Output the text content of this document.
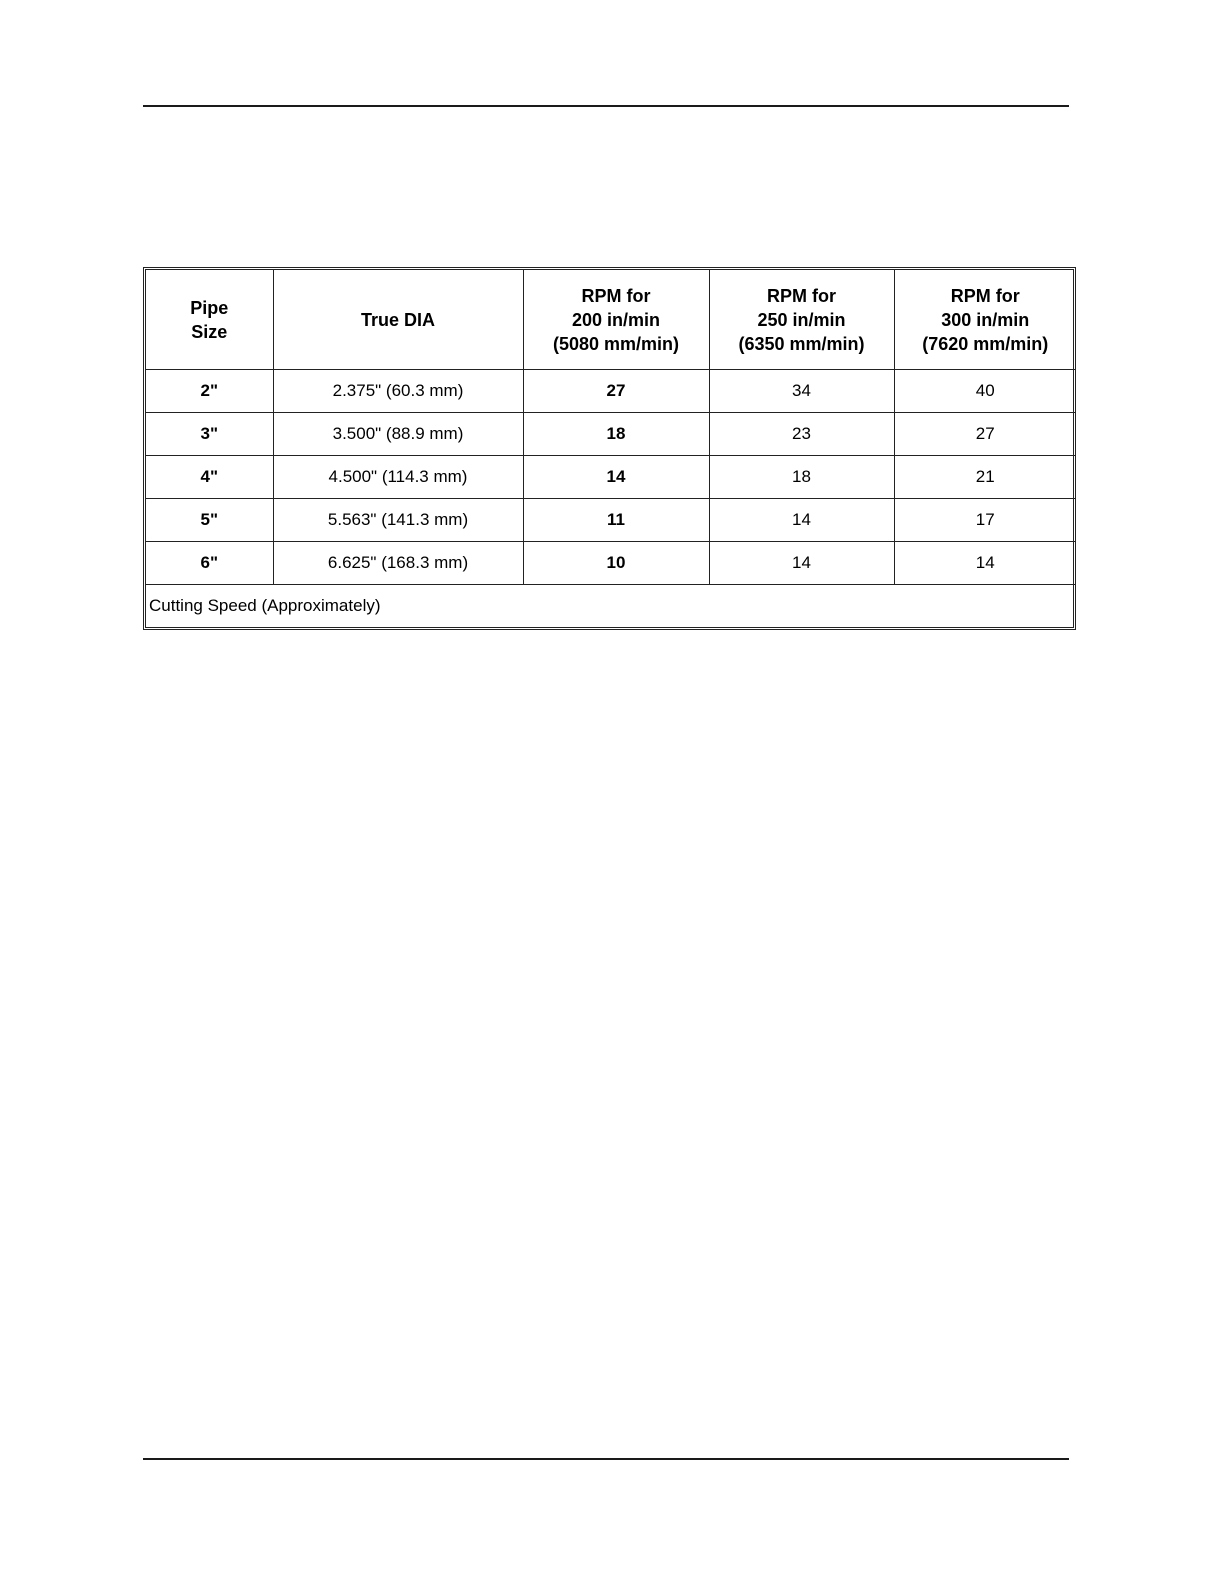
Pipe
Size	True DIA	RPM for
200 in/min
(5080 mm/min)	RPM for
250 in/min
(6350 mm/min)	RPM for
300 in/min
(7620 mm/min)

2"	2.375" (60.3 mm)	27	34	40
3"	3.500" (88.9 mm)	18	23	27
4"	4.500" (114.3 mm)	14	18	21
5"	5.563" (141.3 mm)	11	14	17
6"	6.625" (168.3 mm)	10	14	14
Cutting Speed (Approximately)				
